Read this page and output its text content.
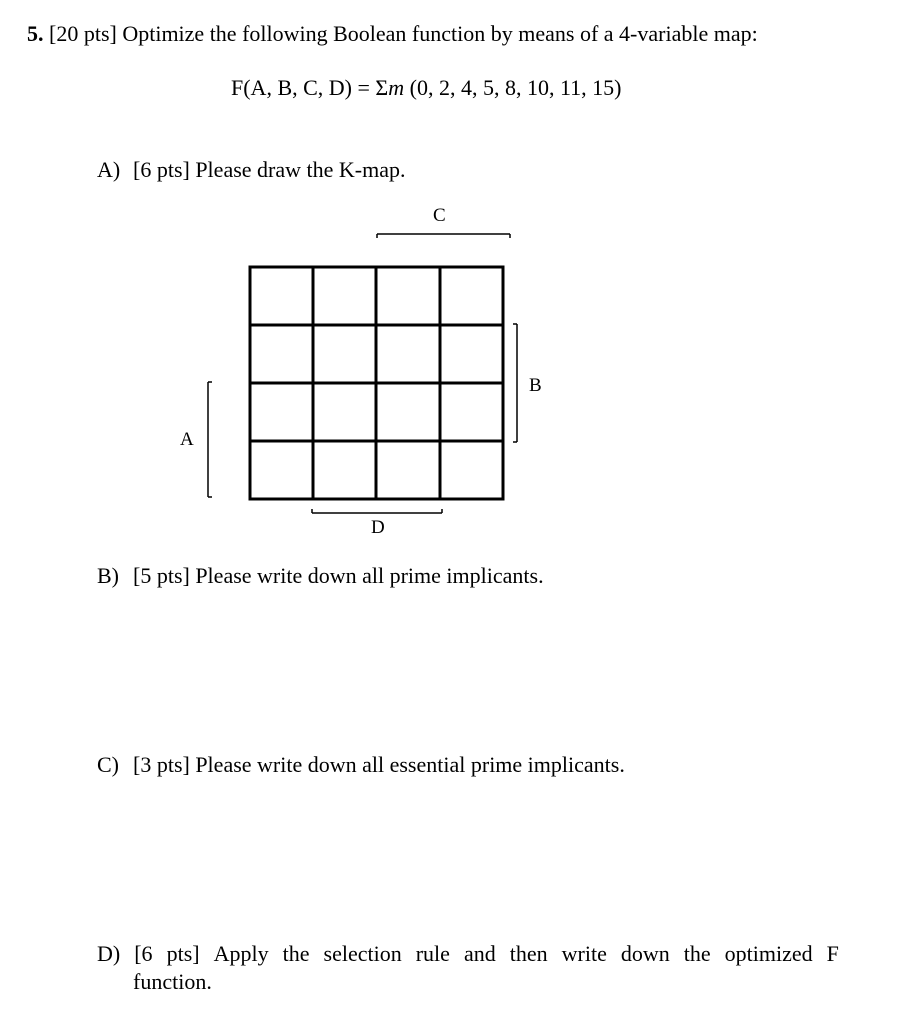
5. [20 pts] Optimize the following Boolean function by means of a 4-variable map:
F(A, B, C, D) = Σm (0, 2, 4, 5, 8, 10, 11, 15)
A) [6 pts] Please draw the K-map.
C
B
A
D
B) [5 pts] Please write down all prime implicants.
C) [3 pts] Please write down all essential prime implicants.
D) [6 pts] Apply the selection rule and then write down the optimized F
function.
